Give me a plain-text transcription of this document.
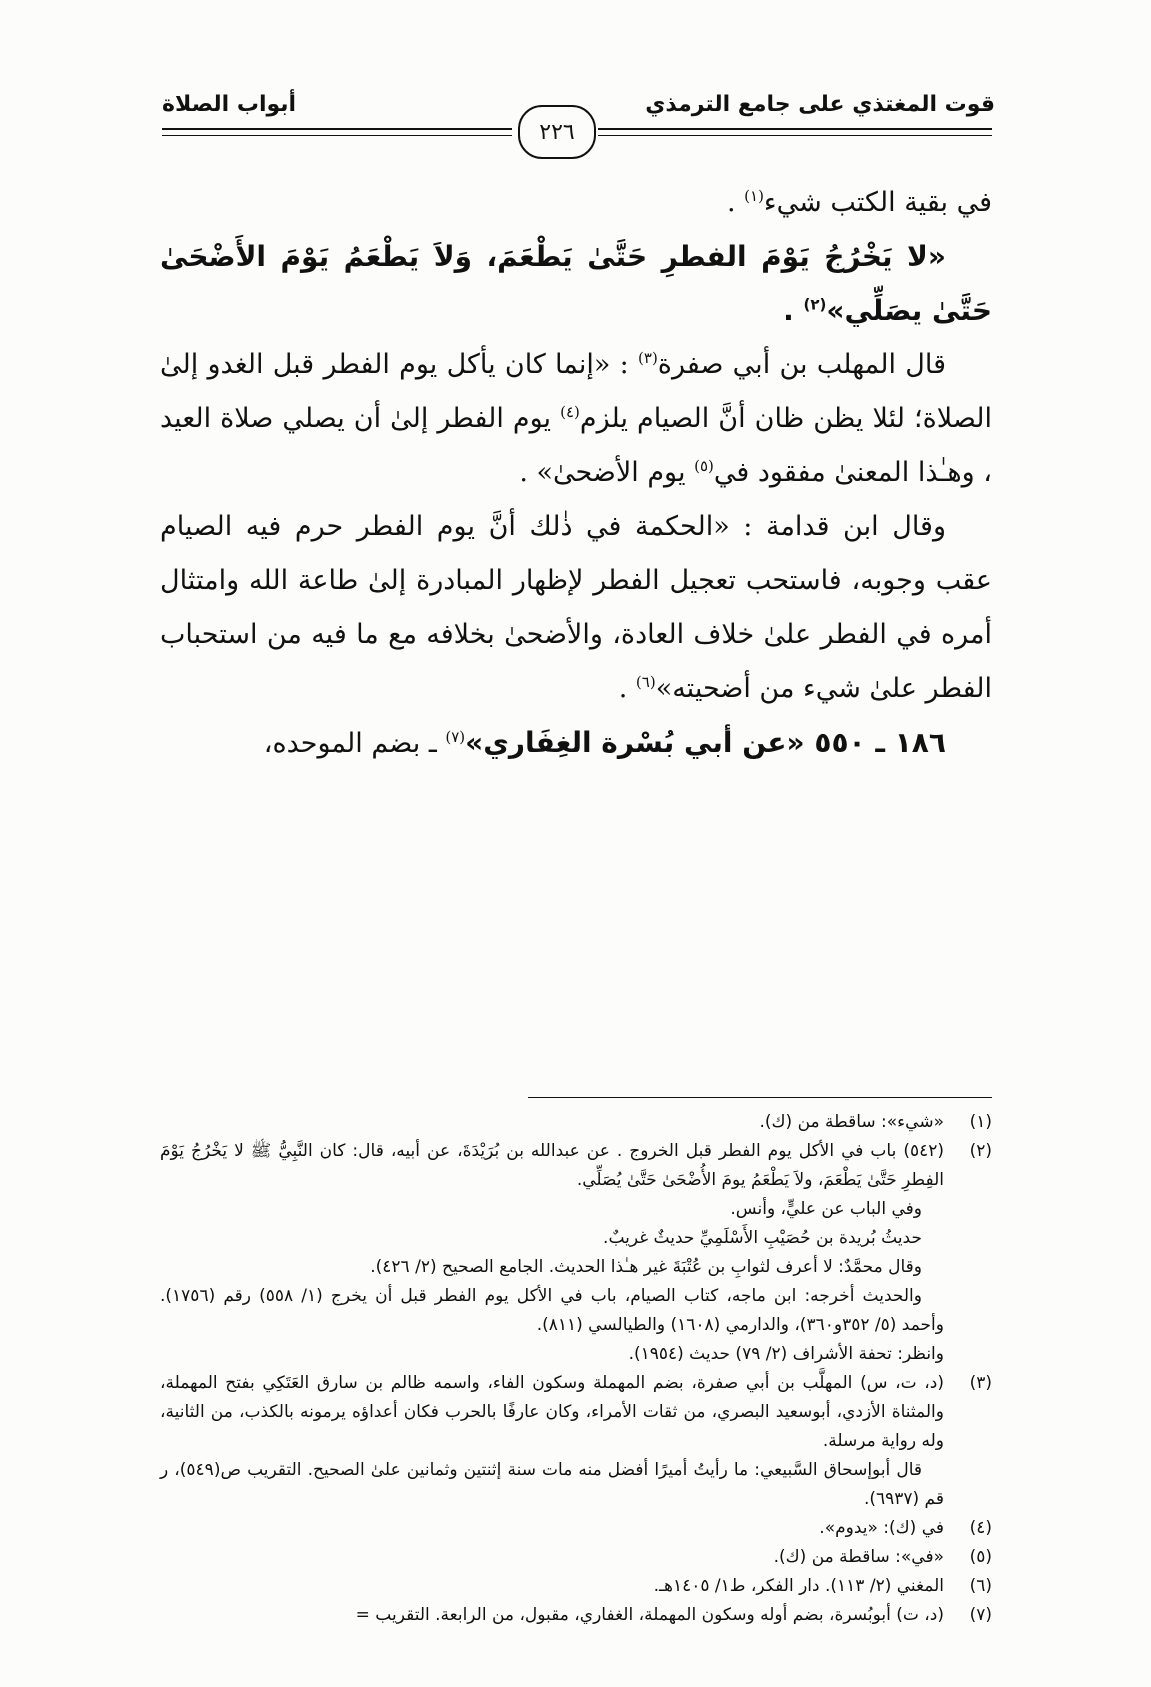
قوت المغتذي على جامع الترمذي
أبواب الصلاة
٢٢٦

في بقية الكتب شيء$^{(١)}$ .

«لا يَخْرُجُ يَوْمَ الفطرِ حَتَّىٰ يَطْعَمَ، وَلاَ يَطْعَمُ يَوْمَ الأَضْحَىٰ حَتَّىٰ يصَلِّي»$^{(٢)}$ .

قال المهلب بن أبي صفرة$^{(٣)}$ : «إنما كان يأكل يوم الفطر قبل الغدو إلىٰ الصلاة؛ لئلا يظن ظان أنَّ الصيام يلزم$^{(٤)}$ يوم الفطر إلىٰ أن يصلي صلاة العيد ، وهـٰذا المعنىٰ مفقود في$^{(٥)}$ يوم الأضحىٰ» .

وقال ابن قدامة : «الحكمة في ذٰلك أنَّ يوم الفطر حرم فيه الصيام عقب وجوبه، فاستحب تعجيل الفطر لإظهار المبادرة إلىٰ طاعة الله وامتثال أمره في الفطر علىٰ خلاف العادة، والأضحىٰ بخلافه مع ما فيه من استحباب الفطر علىٰ شيء من أضحيته»$^{(٦)}$ .

١٨٦ ـ ٥٥٠ «عن أبي بُسْرة الغِفَاري»$^{(٧)}$ ـ بضم الموحده،

(١)

«شيء»: ساقطة من (ك).

(٢)

(٥٤٢) باب في الأكل يوم الفطر قبل الخروج . عن عبدالله بن بُرَيْدَةَ، عن أبيه، قال: كان النَّبِيُّ ﷺ لا يَخْرُجُ يَوْمَ الفِطرِ حَتَّىٰ يَطْعَمَ، ولاَ يَطْعَمُ يومَ الأُضْحَىٰ حَتَّىٰ يُصَلِّي.

وفي الباب عن عليٍّ، وأنس.

حديثُ بُريدة بن حُصَيْبِ الأَسْلَمِيِّ حديثٌ غريبٌ.

وقال محمَّدٌ: لا أعرف لثوابِ بن عُتْبَةَ غير هـٰذا الحديث. الجامع الصحيح (٢/ ٤٢٦).

والحديث أخرجه: ابن ماجه، كتاب الصيام، باب في الأكل يوم الفطر قبل أن يخرج (١/ ٥٥٨) رقم (١٧٥٦). وأحمد (٥/ ٣٥٢و٣٦٠)، والدارمي (١٦٠٨) والطيالسي (٨١١).

وانظر: تحفة الأشراف (٢/ ٧٩) حديث (١٩٥٤).

(٣)

(د، ت، س) المهلَّب بن أبي صفرة، بضم المهملة وسكون الفاء، واسمه ظالم بن سارق العَتَكِي بفتح المهملة، والمثناة الأزدي، أبوسعيد البصري، من ثقات الأمراء، وكان عارفًا بالحرب فكان أعداؤه يرمونه بالكذب، من الثانية، وله رواية مرسلة.

قال أبوإسحاق السَّبيعي: ما رأيتُ أميرًا أفضل منه مات سنة إثنتين وثمانين علىٰ الصحيح. التقريب ص(٥٤٩)، ر قم (٦٩٣٧).

(٤)

في (ك): «يدوم».

(٥)

«في»: ساقطة من (ك).

(٦)

المغني (٢/ ١١٣). دار الفكر، ط١/ ١٤٠٥هـ.

(٧)

(د، ت) أبوبُسرة، بضم أوله وسكون المهملة، الغفاري، مقبول، من الرابعة. التقريب =
